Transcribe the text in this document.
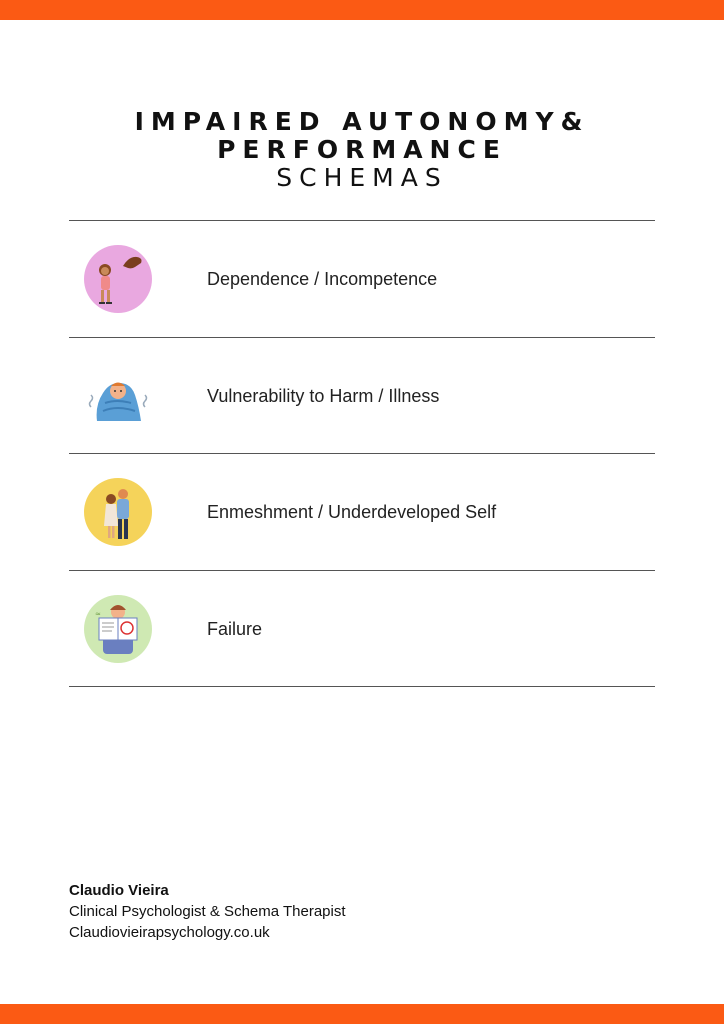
IMPAIRED AUTONOMY&
PERFORMANCE
SCHEMAS
Dependence / Incompetence
Vulnerability to Harm / Illness
Enmeshment / Underdeveloped Self
≈
Failure
Claudio Vieira
Clinical Psychologist & Schema Therapist
Claudiovieirapsychology.co.uk
